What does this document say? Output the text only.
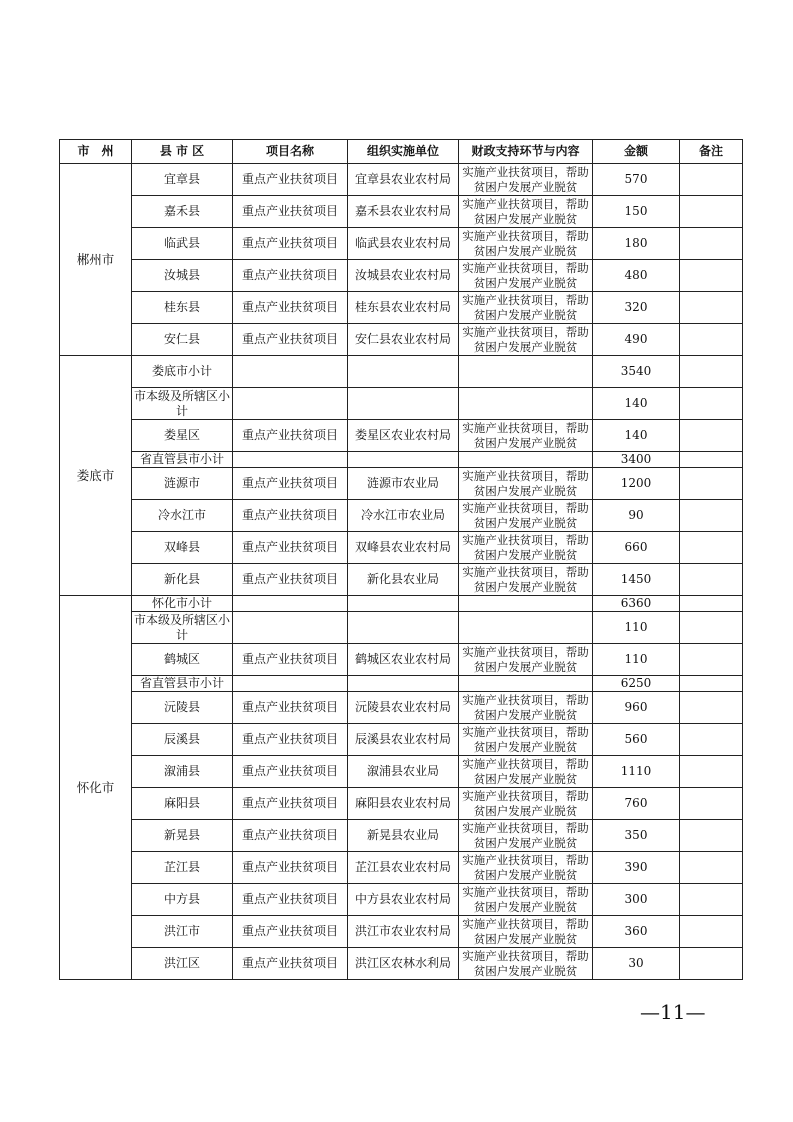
市　州	县 市 区	项目名称	组织实施单位	财政支持环节与内容	金额	备注
郴州市	宜章县	重点产业扶贫项目	宜章县农业农村局	实施产业扶贫项目，帮助贫困户发展产业脱贫	570	
	嘉禾县	重点产业扶贫项目	嘉禾县农业农村局	实施产业扶贫项目，帮助贫困户发展产业脱贫	150	
	临武县	重点产业扶贫项目	临武县农业农村局	实施产业扶贫项目，帮助贫困户发展产业脱贫	180	
	汝城县	重点产业扶贫项目	汝城县农业农村局	实施产业扶贫项目，帮助贫困户发展产业脱贫	480	
	桂东县	重点产业扶贫项目	桂东县农业农村局	实施产业扶贫项目，帮助贫困户发展产业脱贫	320	
	安仁县	重点产业扶贫项目	安仁县农业农村局	实施产业扶贫项目，帮助贫困户发展产业脱贫	490	
娄底市	娄底市小计				3540	
	市本级及所辖区小计				140	
	娄星区	重点产业扶贫项目	娄星区农业农村局	实施产业扶贫项目，帮助贫困户发展产业脱贫	140	
	省直管县市小计				3400	
	涟源市	重点产业扶贫项目	涟源市农业局	实施产业扶贫项目，帮助贫困户发展产业脱贫	1200	
	冷水江市	重点产业扶贫项目	冷水江市农业局	实施产业扶贫项目，帮助贫困户发展产业脱贫	90	
	双峰县	重点产业扶贫项目	双峰县农业农村局	实施产业扶贫项目，帮助贫困户发展产业脱贫	660	
	新化县	重点产业扶贫项目	新化县农业局	实施产业扶贫项目，帮助贫困户发展产业脱贫	1450	
怀化市	怀化市小计				6360	
	市本级及所辖区小计				110	
	鹤城区	重点产业扶贫项目	鹤城区农业农村局	实施产业扶贫项目，帮助贫困户发展产业脱贫	110	
	省直管县市小计				6250	
	沅陵县	重点产业扶贫项目	沅陵县农业农村局	实施产业扶贫项目，帮助贫困户发展产业脱贫	960	
	辰溪县	重点产业扶贫项目	辰溪县农业农村局	实施产业扶贫项目，帮助贫困户发展产业脱贫	560	
	溆浦县	重点产业扶贫项目	溆浦县农业局	实施产业扶贫项目，帮助贫困户发展产业脱贫	1110	
	麻阳县	重点产业扶贫项目	麻阳县农业农村局	实施产业扶贫项目，帮助贫困户发展产业脱贫	760	
	新晃县	重点产业扶贫项目	新晃县农业局	实施产业扶贫项目，帮助贫困户发展产业脱贫	350	
	芷江县	重点产业扶贫项目	芷江县农业农村局	实施产业扶贫项目，帮助贫困户发展产业脱贫	390	
	中方县	重点产业扶贫项目	中方县农业农村局	实施产业扶贫项目，帮助贫困户发展产业脱贫	300	
	洪江市	重点产业扶贫项目	洪江市农业农村局	实施产业扶贫项目，帮助贫困户发展产业脱贫	360	
	洪江区	重点产业扶贫项目	洪江区农林水利局	实施产业扶贫项目，帮助贫困户发展产业脱贫	30	
—11—
